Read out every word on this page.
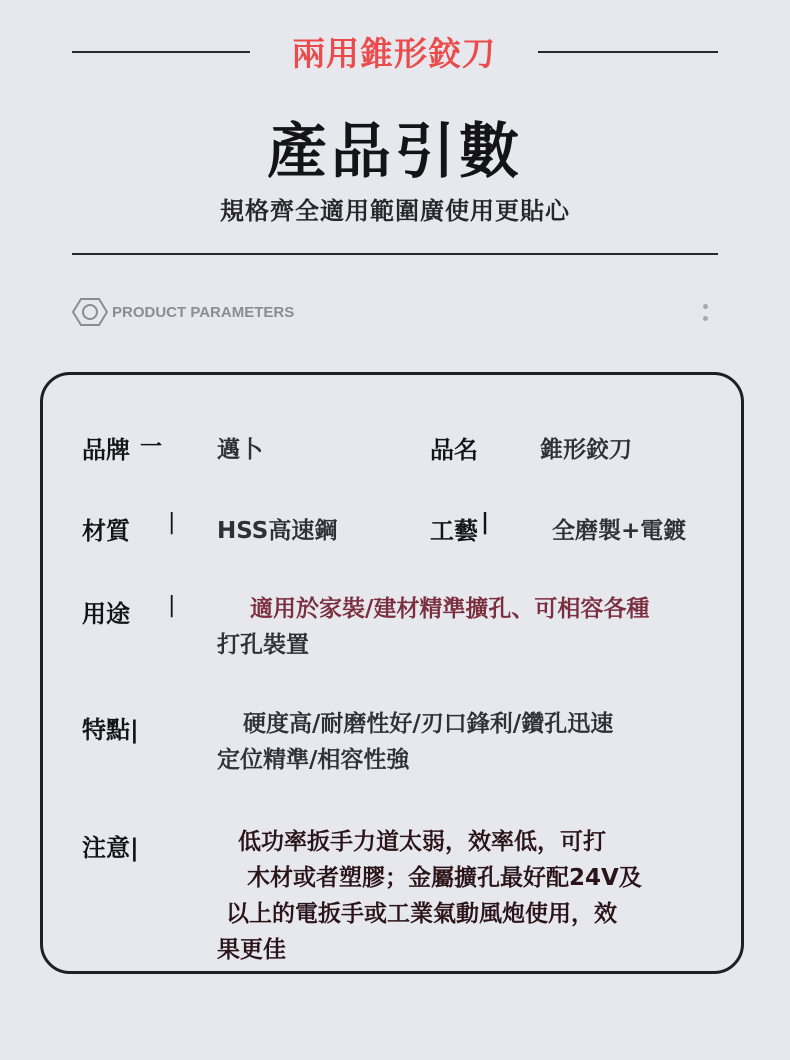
兩用錐形鉸刀
產品引數
規格齊全適用範圍廣使用更貼心
PRODUCT PARAMETERS
品牌 一 邁卜	品名	錐形鉸刀
材質 | HSS高速鋼	工藝 |	全磨製+電鍍
用途 |	適用於家裝/建材精準擴孔、可相容各種
打孔裝置
特點|	硬度高/耐磨性好/刃口鋒利/鑽孔迅速
定位精準/相容性強
注意|	低功率扳手力道太弱，效率低，可打
木材或者塑膠；金屬擴孔最好配24V及
以上的電扳手或工業氣動風炮使用，效
果更佳
